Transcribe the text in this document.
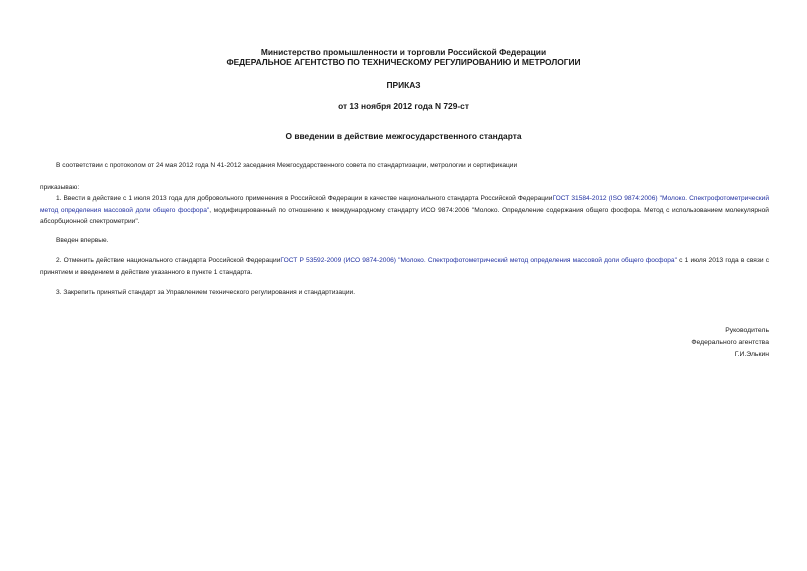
Министерство промышленности и торговли Российской Федерации
ФЕДЕРАЛЬНОЕ АГЕНТСТВО ПО ТЕХНИЧЕСКОМУ РЕГУЛИРОВАНИЮ И МЕТРОЛОГИИ
ПРИКАЗ
от 13 ноября 2012 года N 729-ст
О введении в действие межгосударственного стандарта
В соответствии с протоколом от 24 мая 2012 года N 41-2012 заседания Межгосударственного совета по стандартизации, метрологии и сертификации
приказываю:
1. Ввести в действие с 1 июля 2013 года для добровольного применения в Российской Федерации в качестве национального стандарта Российской ФедерацииГОСТ 31584-2012 (ISO 9874:2006) "Молоко. Спектрофотометрический метод определения массовой доли общего фосфора", модифицированный по отношению к международному стандарту ИСО 9874:2006 "Молоко. Определение содержания общего фосфора. Метод с использованием молекулярной абсорбционной спектрометрии".
Введен впервые.
2. Отменить действие национального стандарта Российской ФедерацииГОСТ Р 53592-2009 (ИСО 9874-2006) "Молоко. Спектрофотометрический метод определения массовой доли общего фосфора" с 1 июля 2013 года в связи с принятием и введением в действие указанного в пункте 1 стандарта.
3. Закрепить принятый стандарт за Управлением технического регулирования и стандартизации.
Руководитель
Федерального агентства
Г.И.Элькин
